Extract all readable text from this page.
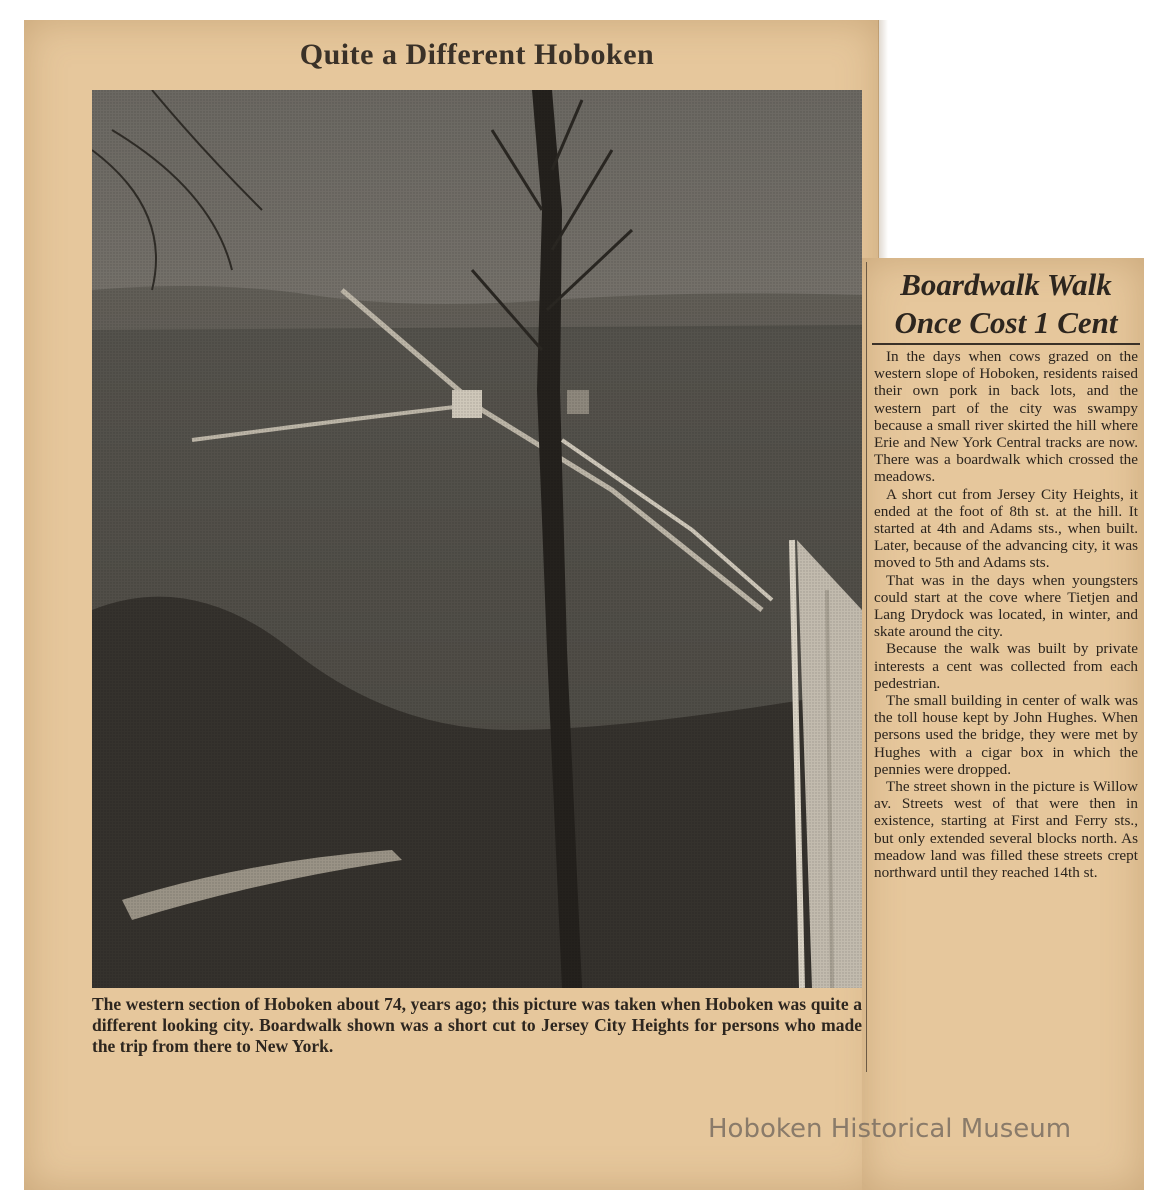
Quite a Different Hoboken
The western section of Hoboken about 74, years ago; this picture was taken when Hoboken was quite a different looking city. Boardwalk shown was a short cut to Jersey City Heights for persons who made the trip from there to New York.
Boardwalk Walk
Once Cost 1 Cent

In the days when cows grazed on the western slope of Hoboken, residents raised their own pork in back lots, and the western part of the city was swampy because a small river skirted the hill where Erie and New York Central tracks are now. There was a boardwalk which crossed the meadows.

A short cut from Jersey City Heights, it ended at the foot of 8th st. at the hill. It started at 4th and Adams sts., when built. Later, because of the advancing city, it was moved to 5th and Adams sts.

That was in the days when youngsters could start at the cove where Tietjen and Lang Drydock was located, in winter, and skate around the city.

Because the walk was built by private interests a cent was collected from each pedestrian.

The small building in center of walk was the toll house kept by John Hughes. When persons used the bridge, they were met by Hughes with a cigar box in which the pennies were dropped.

The street shown in the picture is Willow av. Streets west of that were then in existence, starting at First and Ferry sts., but only extended several blocks north. As meadow land was filled these streets crept northward until they reached 14th st.

Hoboken Historical Museum
